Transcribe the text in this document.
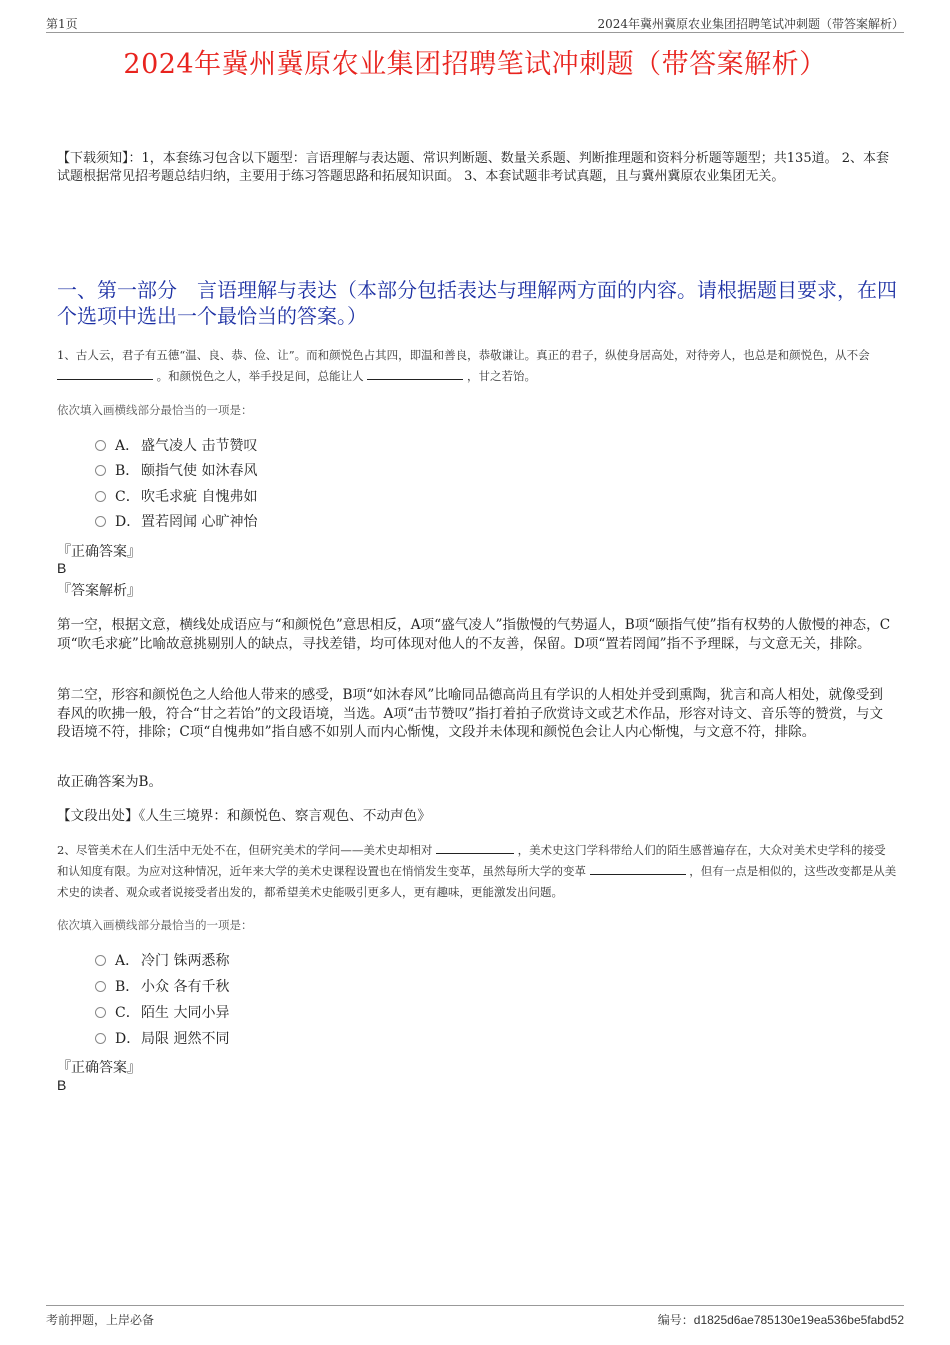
第1页	2024年冀州冀原农业集团招聘笔试冲刺题（带答案解析）
2024年冀州冀原农业集团招聘笔试冲刺题（带答案解析）
【下载须知】：1，本套练习包含以下题型：言语理解与表达题、常识判断题、数量关系题、判断推理题和资料分析题等题型；共135道。 2、本套试题根据常见招考题总结归纳，主要用于练习答题思路和拓展知识面。 3、本套试题非考试真题，且与冀州冀原农业集团无关。
一、第一部分　言语理解与表达（本部分包括表达与理解两方面的内容。请根据题目要求，在四个选项中选出一个最恰当的答案。）
1、古人云，君子有五德“温、良、恭、俭、让”。而和颜悦色占其四，即温和善良，恭敬谦让。真正的君子，纵使身居高处，对待旁人，也总是和颜悦色，从不会  。和颜悦色之人，举手投足间，总能让人	，甘之若饴。
依次填入画横线部分最恰当的一项是：
A． 盛气凌人 击节赞叹
B． 颐指气使 如沐春风
C．吹毛求疵 自愧弗如
D．置若罔闻 心旷神怡
『正确答案』
B
『答案解析』
第一空，根据文意，横线处成语应与“和颜悦色”意思相反，A项“盛气凌人”指傲慢的气势逼人，B项“颐指气使”指有权势的人傲慢的神态，C项“吹毛求疵”比喻故意挑剔别人的缺点，寻找差错，均可体现对他人的不友善，保留。D项“置若罔闻”指不予理睬，与文意无关，排除。
第二空，形容和颜悦色之人给他人带来的感受，B项“如沐春风”比喻同品德高尚且有学识的人相处并受到熏陶，犹言和高人相处，就像受到春风的吹拂一般，符合“甘之若饴”的文段语境，当选。A项“击节赞叹”指打着拍子欣赏诗文或艺术作品，形容对诗文、音乐等的赞赏，与文段语境不符，排除；C项“自愧弗如”指自感不如别人而内心惭愧，文段并未体现和颜悦色会让人内心惭愧，与文意不符，排除。
故正确答案为B。
【文段出处】《人生三境界：和颜悦色、察言观色、不动声色》
2、尽管美术在人们生活中无处不在，但研究美术的学问——美术史却相对	，美术史这门学科带给人们的陌生感普遍存在，大众对美术史学科的接受和认知度有限。为应对这种情况，近年来大学的美术史课程设置也在悄悄发生变革，虽然每所大学的变革	，但有一点是相似的，这些改变都是从美术史的读者、观众或者说接受者出发的，都希望美术史能吸引更多人，更有趣味，更能激发出问题。
依次填入画横线部分最恰当的一项是：
A． 冷门 铢两悉称
B． 小众 各有千秋
C．陌生 大同小异
D．局限 迥然不同
『正确答案』
B
考前押题，上岸必备	编号：d1825d6ae785130e19ea536be5fabd52
